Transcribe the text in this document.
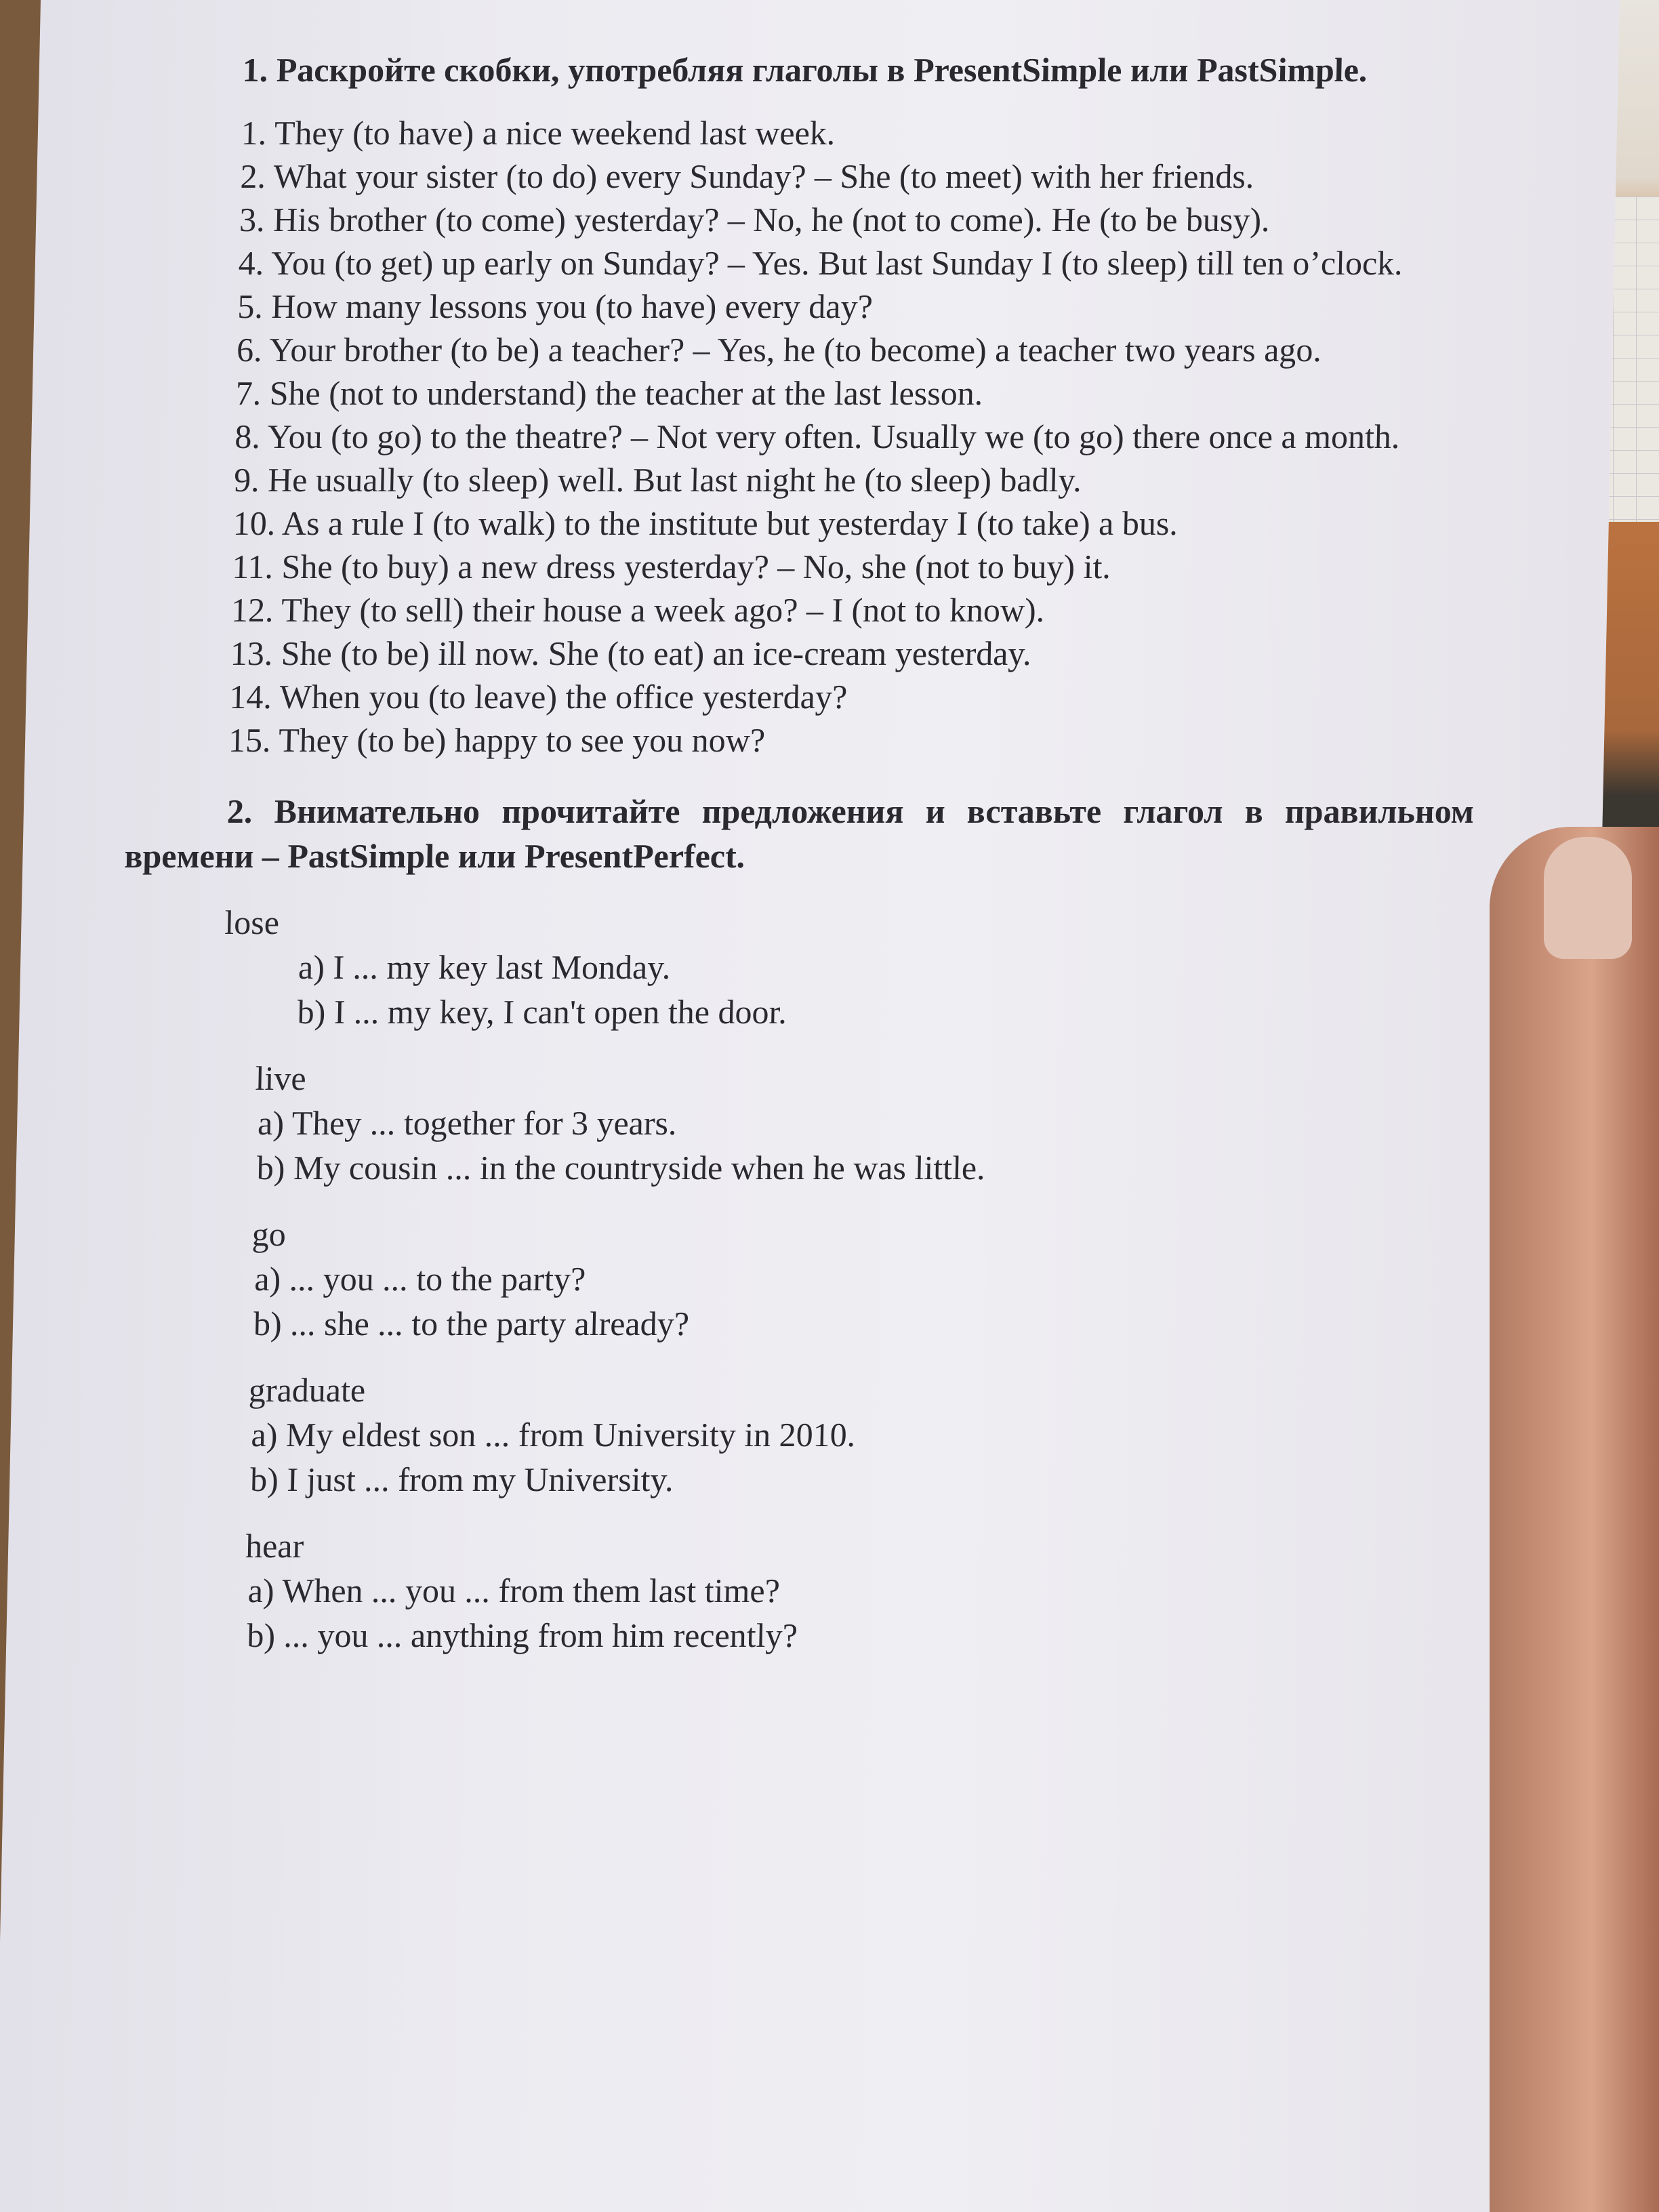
1. Раскройте скобки, употребляя глаголы в PresentSimple или PastSimple.
1. They (to have) a nice weekend last week.
2. What your sister (to do) every Sunday? – She (to meet) with her friends.
3. His brother (to come) yesterday? – No, he (not to come). He (to be busy).
4. You (to get) up early on Sunday? – Yes. But last Sunday I (to sleep) till ten o’clock.
5. How many lessons you (to have) every day?
6. Your brother (to be) a teacher? – Yes, he (to become) a teacher two years ago.
7. She (not to understand) the teacher at the last lesson.
8. You (to go) to the theatre? – Not very often. Usually we (to go) there once a month.
9. He usually (to sleep) well. But last night he (to sleep) badly.
10. As a rule I (to walk) to the institute but yesterday I (to take) a bus.
11. She (to buy) a new dress yesterday? – No, she (not to buy) it.
12. They (to sell) their house a week ago? – I (not to know).
13. She (to be) ill now. She (to eat) an ice-cream yesterday.
14. When you (to leave) the office yesterday?
15. They (to be) happy to see you now?
2. Внимательно прочитайте предложения и вставьте глагол в правильном времени – PastSimple или PresentPerfect.
lose
a) I ... my key last Monday.
b) I ... my key, I can't open the door.
live
a) They ... together for 3 years.
b) My cousin ... in the countryside when he was little.
go
a) ... you ... to the party?
b) ... she ... to the party already?
graduate
a) My eldest son ... from University in 2010.
b) I just ... from my University.
hear
a) When ... you ... from them last time?
b) ... you ... anything from him recently?
